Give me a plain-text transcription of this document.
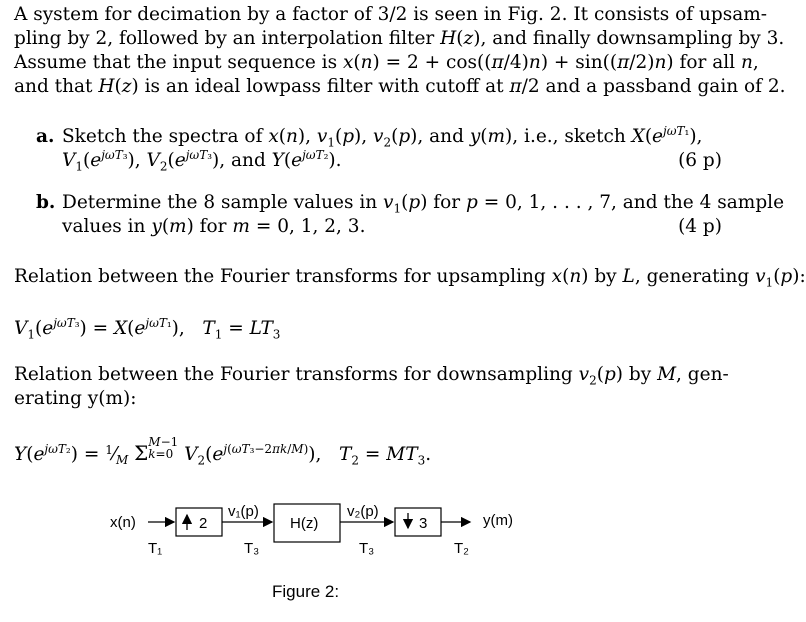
A system for decimation by a factor of 3/2 is seen in Fig. 2. It consists of upsam-
pling by 2, followed by an interpolation filter H(z), and finally downsampling by 3.
Assume that the input sequence is x(n) = 2 + cos((π/4)n) + sin((π/2)n) for all n,
and that H(z) is an ideal lowpass filter with cutoff at π/2 and a passband gain of 2.
a. Sketch the spectra of x(n), $v_1(p)$, $v_2(p)$, and y(m), i.e., sketch $X(e^{j\omega T_1})$,
$V_1(e^{j\omega T_3})$, $V_2(e^{j\omega T_3})$, and $Y(e^{j\omega T_2})$.	(6 p)
b. Determine the 8 sample values in $v_1(p)$ for p = 0, 1, . . . , 7, and the 4 sample
values in y(m) for m = 0, 1, 2, 3.	(4 p)
Relation between the Fourier transforms for upsampling x(n) by L, generating $v_1(p)$:
$V_1(e^{j\omega T_3}) = X(e^{j\omega T_1})$,   $T_1 = LT_3$
Relation between the Fourier transforms for downsampling $v_2(p)$ by M, gen-
erating y(m):
$Y(e^{j\omega T_2})$ = $^1⁄_M$ Σ M−1
k=0 $V_2(e^{j(\omega T_3-2\pi k/M)})$,   $T_2 = MT_3$.
x(n)	2
v₁(p)
H(z)
v₂(p)
3	y(m)
T₁	T₃	T₃	T₂
Figure 2:
